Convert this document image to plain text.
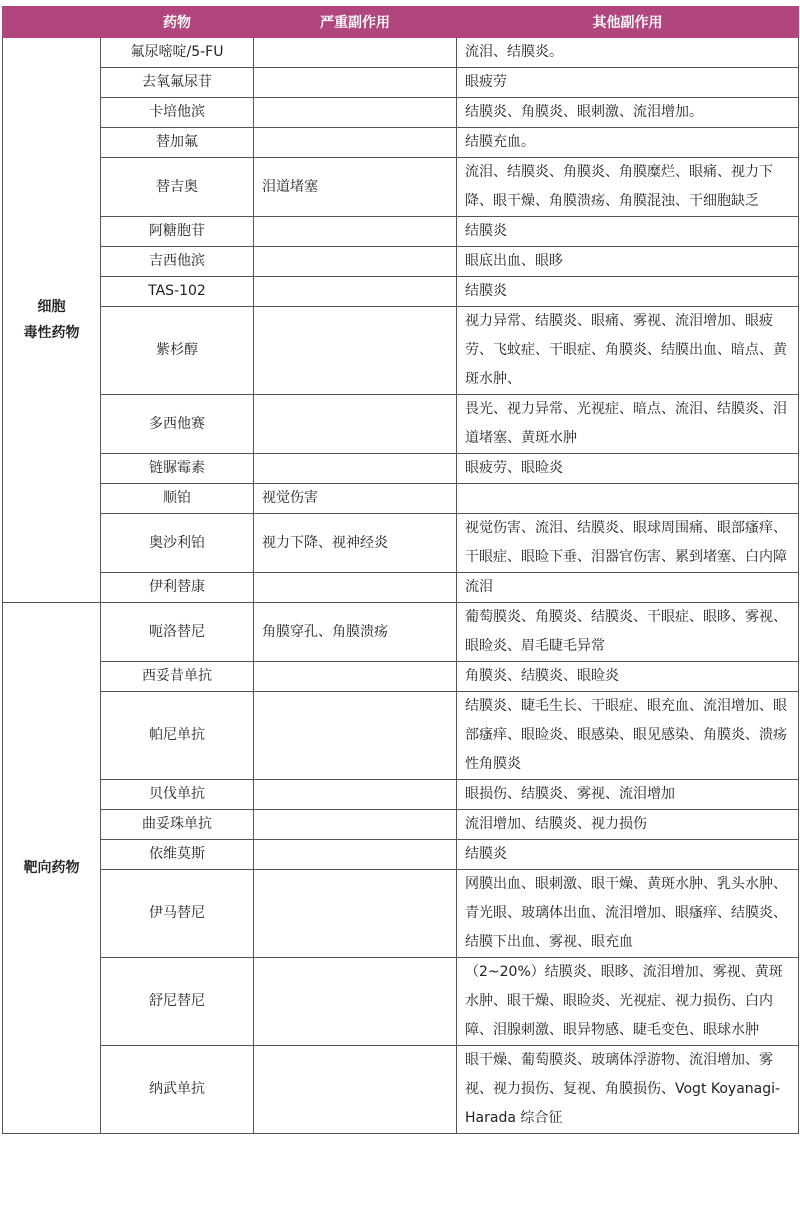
	药物	严重副作用	其他副作用

细胞
毒性药物	氟尿嘧啶/5-FU		流泪、结膜炎。
	去氧氟尿苷		眼疲劳
	卡培他滨		结膜炎、角膜炎、眼刺激、流泪增加。
	替加氟		结膜充血。
	替吉奥	泪道堵塞	流泪、结膜炎、角膜炎、角膜糜烂、眼痛、视力下降、眼干燥、角膜溃疡、角膜混浊、干细胞缺乏
	阿糖胞苷		结膜炎
	吉西他滨		眼底出血、眼眵
	TAS-102		结膜炎
	紫杉醇		视力异常、结膜炎、眼痛、雾视、流泪增加、眼疲劳、飞蚊症、干眼症、角膜炎、结膜出血、暗点、黄斑水肿、
	多西他赛		畏光、视力异常、光视症、暗点、流泪、结膜炎、泪道堵塞、黄斑水肿
	链脲霉素		眼疲劳、眼睑炎
	顺铂	视觉伤害	
	奥沙利铂	视力下降、视神经炎	视觉伤害、流泪、结膜炎、眼球周围痛、眼部瘙痒、干眼症、眼睑下垂、泪器官伤害、累到堵塞、白内障
	伊利替康		流泪

靶向药物	呃洛替尼	角膜穿孔、角膜溃疡	葡萄膜炎、角膜炎、结膜炎、干眼症、眼眵、雾视、眼睑炎、眉毛睫毛异常
	西妥昔单抗		角膜炎、结膜炎、眼睑炎
	帕尼单抗		结膜炎、睫毛生长、干眼症、眼充血、流泪增加、眼部瘙痒、眼睑炎、眼感染、眼见感染、角膜炎、溃疡性角膜炎
	贝伐单抗		眼损伤、结膜炎、雾视、流泪增加
	曲妥珠单抗		流泪增加、结膜炎、视力损伤
	依维莫斯		结膜炎
	伊马替尼		网膜出血、眼刺激、眼干燥、黄斑水肿、乳头水肿、青光眼、玻璃体出血、流泪增加、眼瘙痒、结膜炎、结膜下出血、雾视、眼充血
	舒尼替尼		（2~20%）结膜炎、眼眵、流泪增加、雾视、黄斑水肿、眼干燥、眼睑炎、光视症、视力损伤、白内障、泪腺刺激、眼异物感、睫毛变色、眼球水肿
	纳武单抗		眼干燥、葡萄膜炎、玻璃体浮游物、流泪增加、雾视、视力损伤、复视、角膜损伤、Vogt Koyanagi-Harada 综合征
